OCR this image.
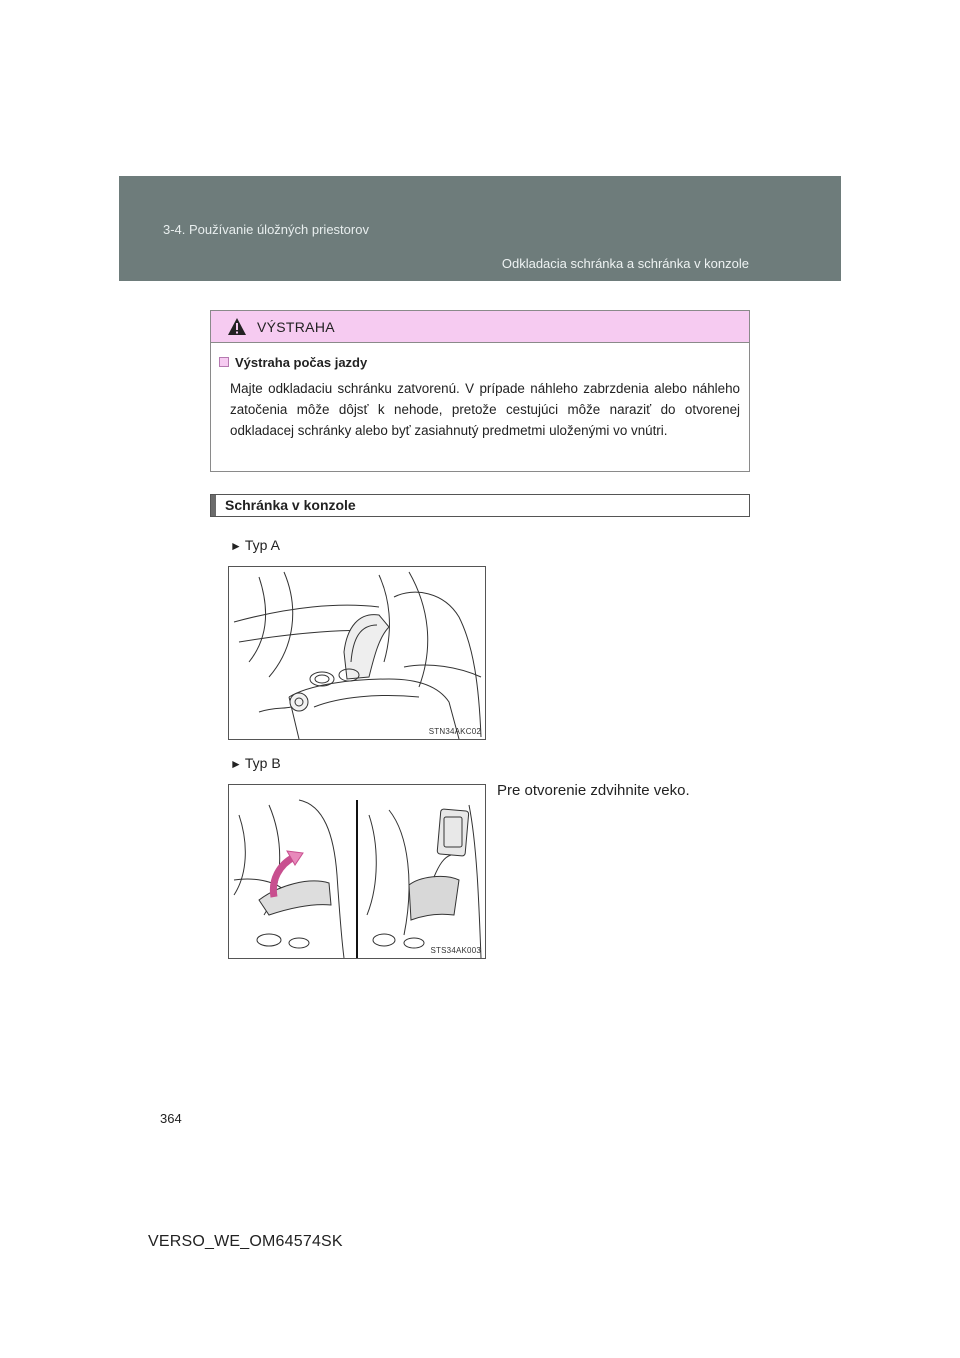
3-4. Používanie úložných priestorov
Odkladacia schránka a schránka v konzole
VÝSTRAHA
Výstraha počas jazdy
Majte odkladaciu schránku zatvorenú. V prípade náhleho zabrzdenia alebo náhleho zatočenia môže dôjsť k nehode, pretože cestujúci môže naraziť do otvorenej odkladacej schránky alebo byť zasiahnutý predmetmi uloženými vo vnútri.
Schránka v konzole
► Typ A
STN34AKC02
► Typ B
Pre otvorenie zdvihnite veko.
STS34AK003
364
VERSO_WE_OM64574SK
